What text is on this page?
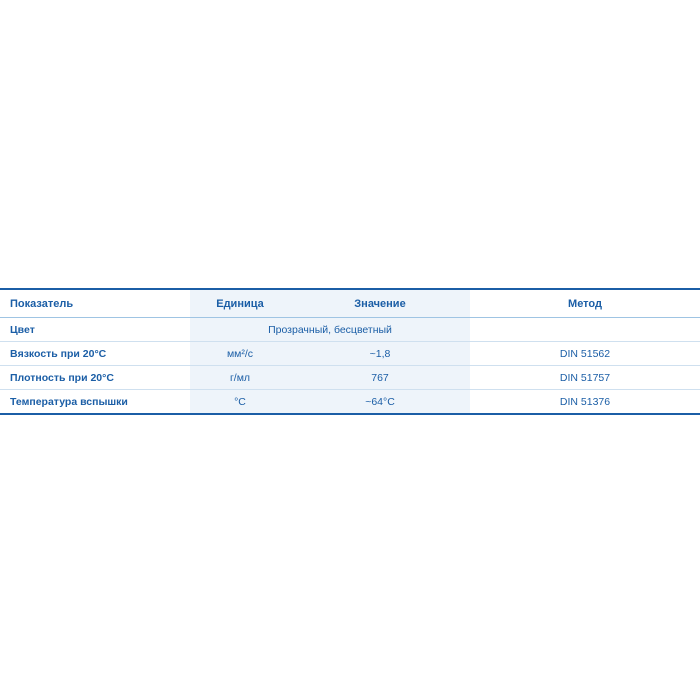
Показатель	Единица	Значение	Метод
Цвет	Прозрачный, бесцветный		
Вязкость при 20°С	мм²/с	~1,8	DIN 51562
Плотность при 20°С	г/мл	767	DIN 51757
Температура вспышки	°С	~64°С	DIN 51376
